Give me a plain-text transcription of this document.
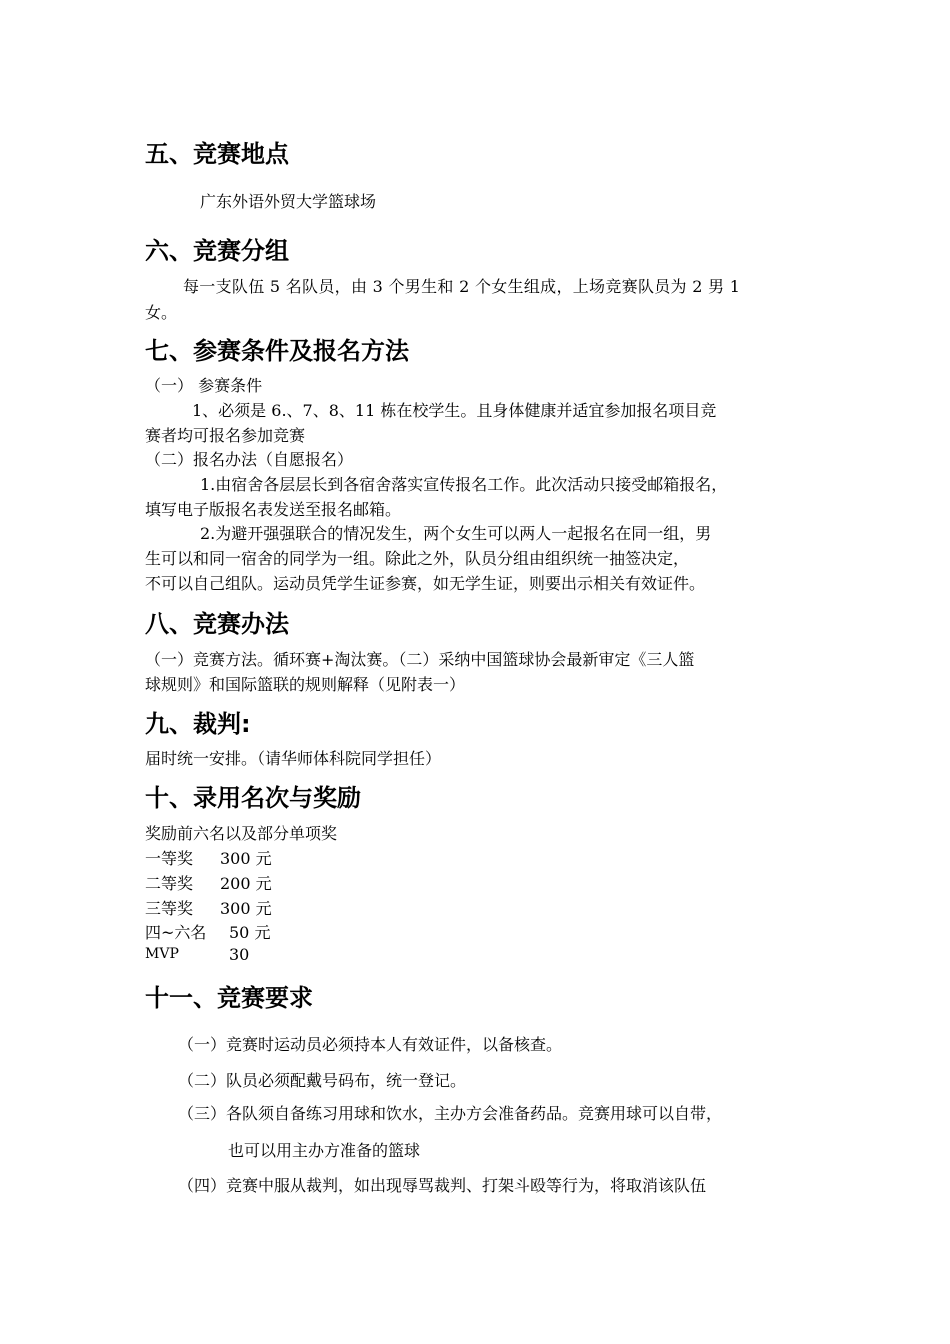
五、竞赛地点
广东外语外贸大学篮球场
六、竞赛分组
每一支队伍 5 名队员，由 3 个男生和 2 个女生组成，上场竞赛队员为 2 男 1
女。
七、参赛条件及报名方法
（一） 参赛条件
1、必须是 6.、7、8、11 栋在校学生。且身体健康并适宜参加报名项目竞
赛者均可报名参加竞赛
（二）报名办法（自愿报名）
1.由宿舍各层层长到各宿舍落实宣传报名工作。此次活动只接受邮箱报名，
填写电子版报名表发送至报名邮箱。
2.为避开强强联合的情况发生，两个女生可以两人一起报名在同一组，男
生可以和同一宿舍的同学为一组。除此之外，队员分组由组织统一抽签决定，
不可以自己组队。运动员凭学生证参赛，如无学生证，则要出示相关有效证件。
八、竞赛办法
（一）竞赛方法。循环赛+淘汰赛。（二）采纳中国篮球协会最新审定《三人篮
球规则》和国际篮联的规则解释（见附表一）
九、裁判:
届时统一安排。（请华师体科院同学担任）
十、录用名次与奖励
奖励前六名以及部分单项奖
一等奖 300 元
二等奖 200 元
三等奖 300 元
四~六名 50 元
MVP	30
十一、竞赛要求
（一）竞赛时运动员必须持本人有效证件，以备核查。
（二）队员必须配戴号码布，统一登记。
（三）各队须自备练习用球和饮水，主办方会准备药品。竞赛用球可以自带，
也可以用主办方准备的篮球
（四）竞赛中服从裁判，如出现辱骂裁判、打架斗殴等行为，将取消该队伍
